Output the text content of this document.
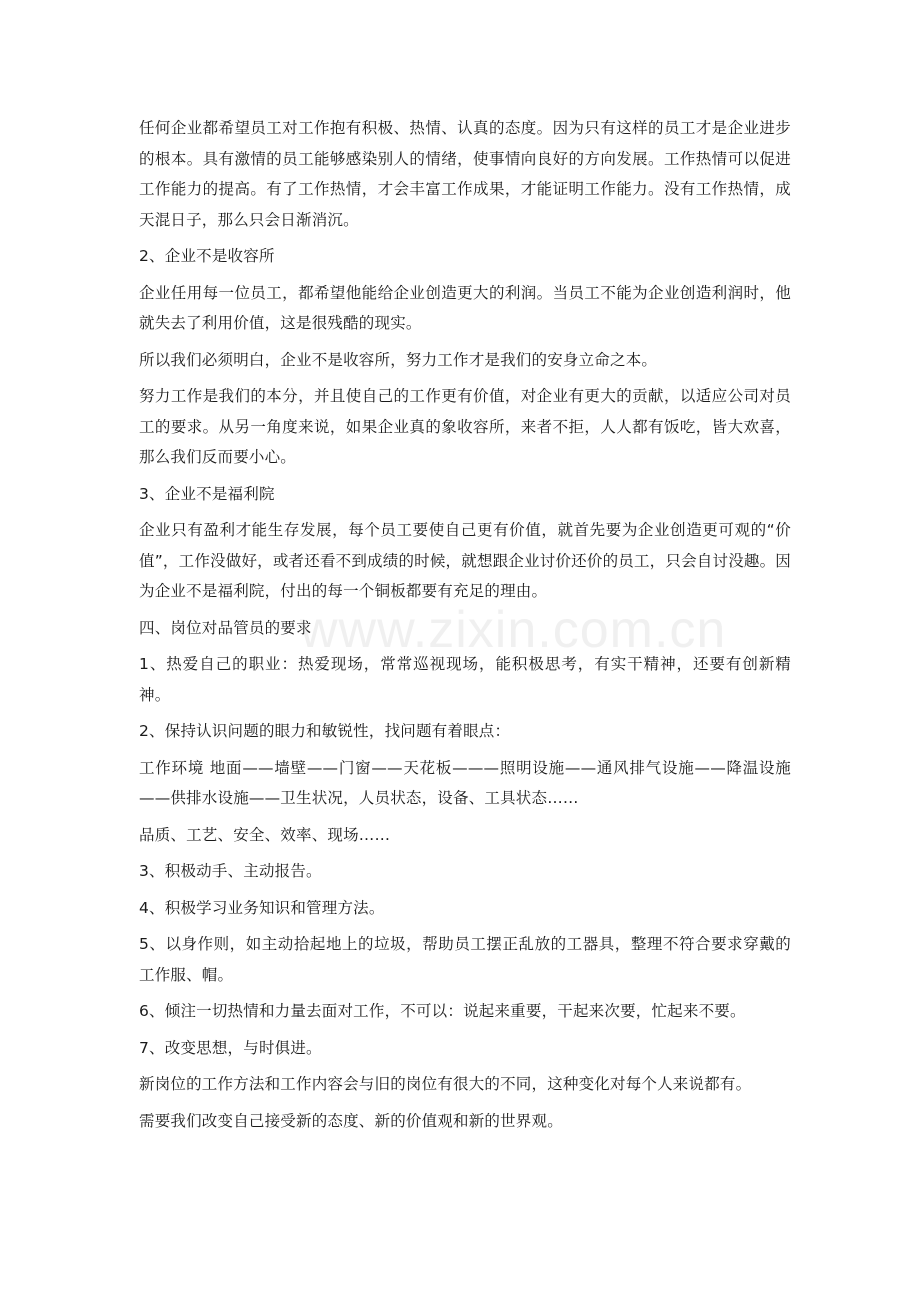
任何企业都希望员工对工作抱有积极、热情、认真的态度。因为只有这样的员工才是企业进步的根本。具有激情的员工能够感染别人的情绪，使事情向良好的方向发展。工作热情可以促进工作能力的提高。有了工作热情，才会丰富工作成果，才能证明工作能力。没有工作热情，成天混日子，那么只会日渐消沉。

2、企业不是收容所

企业任用每一位员工，都希望他能给企业创造更大的利润。当员工不能为企业创造利润时，他就失去了利用价值，这是很残酷的现实。

所以我们必须明白，企业不是收容所，努力工作才是我们的安身立命之本。

努力工作是我们的本分，并且使自己的工作更有价值，对企业有更大的贡献，以适应公司对员工的要求。从另一角度来说，如果企业真的象收容所，来者不拒，人人都有饭吃，皆大欢喜，那么我们反而要小心。

3、企业不是福利院

企业只有盈利才能生存发展，每个员工要使自己更有价值，就首先要为企业创造更可观的“价值”，工作没做好，或者还看不到成绩的时候，就想跟企业讨价还价的员工，只会自讨没趣。因为企业不是福利院，付出的每一个铜板都要有充足的理由。

四、岗位对品管员的要求

1、热爱自己的职业：热爱现场，常常巡视现场，能积极思考，有实干精神，还要有创新精神。

2、保持认识问题的眼力和敏锐性，找问题有着眼点：

工作环境 地面——墙壁——门窗——天花板———照明设施——通风排气设施——降温设施——供排水设施——卫生状况，人员状态，设备、工具状态……

品质、工艺、安全、效率、现场……

3、积极动手、主动报告。

4、积极学习业务知识和管理方法。

5、以身作则，如主动拾起地上的垃圾，帮助员工摆正乱放的工器具，整理不符合要求穿戴的工作服、帽。

6、倾注一切热情和力量去面对工作，不可以：说起来重要，干起来次要，忙起来不要。

7、改变思想，与时俱进。

新岗位的工作方法和工作内容会与旧的岗位有很大的不同，这种变化对每个人来说都有。

需要我们改变自己接受新的态度、新的价值观和新的世界观。

www.zixin.com.cn
